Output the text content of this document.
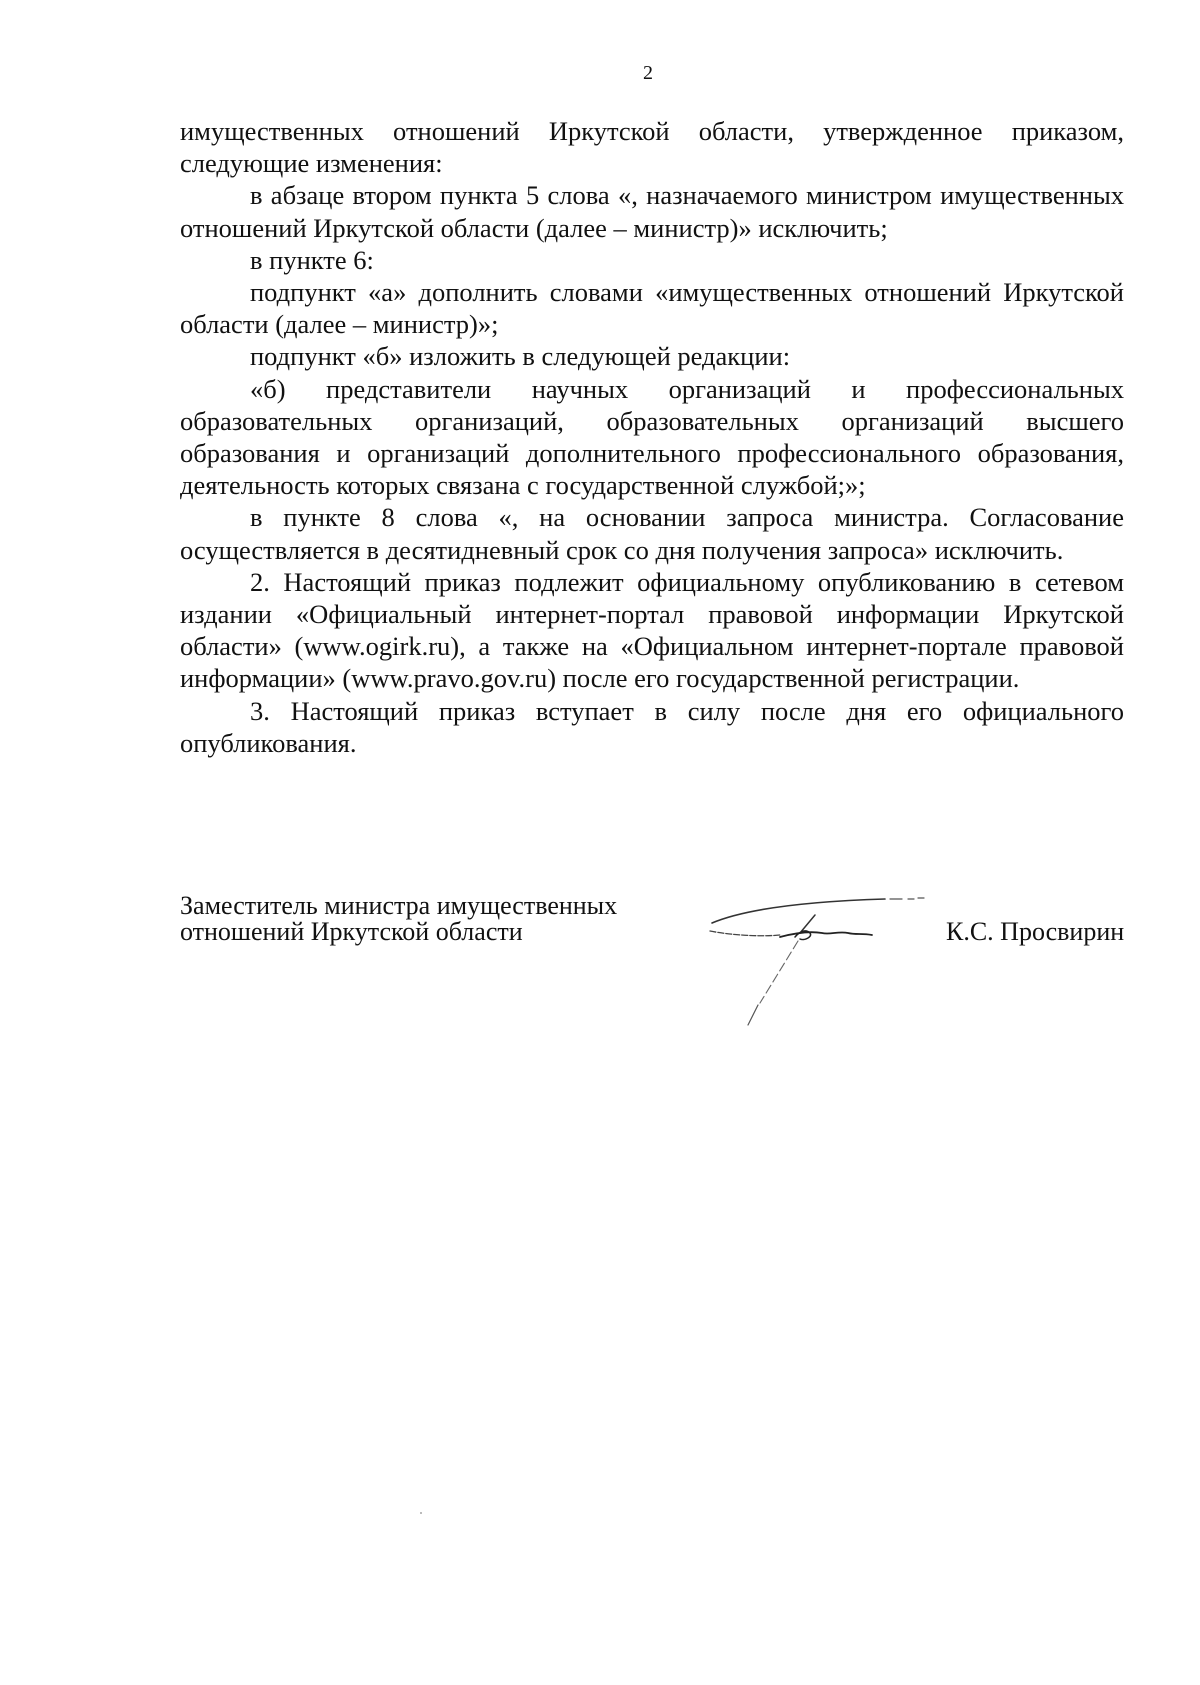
2

имущественных отношений Иркутской области, утвержденное приказом, следующие изменения:

в абзаце втором пункта 5 слова «, назначаемого министром имущественных отношений Иркутской области (далее – министр)» исключить;

в пункте 6:

подпункт «а» дополнить словами «имущественных отношений Иркутской области (далее – министр)»;

подпункт «б» изложить в следующей редакции:

«б) представители научных организаций и профессиональных образовательных организаций, образовательных организаций высшего образования и организаций дополнительного профессионального образования, деятельность которых связана с государственной службой;»;

в пункте 8 слова «, на основании запроса министра. Согласование осуществляется в десятидневный срок со дня получения запроса» исключить.

2. Настоящий приказ подлежит официальному опубликованию в сетевом издании «Официальный интернет-портал правовой информации Иркутской области» (www.ogirk.ru), а также на «Официальном интернет-портале правовой информации» (www.pravo.gov.ru) после его государственной регистрации.

3. Настоящий приказ вступает в силу после дня его официального опубликования.

Заместитель министра имущественных
отношений Иркутской области	К.С. Просвирин
